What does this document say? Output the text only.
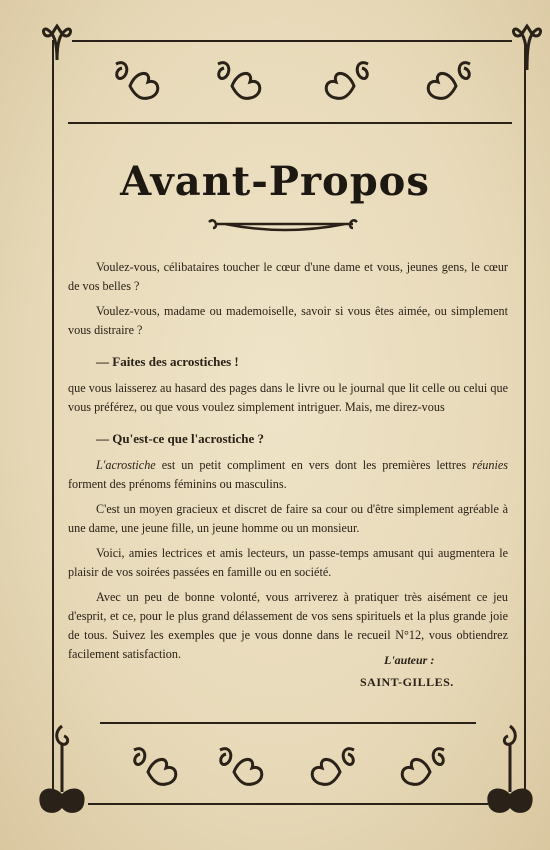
Avant-Propos

Voulez-vous, célibataires toucher le cœur d'une dame et vous, jeunes gens, le cœur de vos belles ?

Voulez-vous, madame ou mademoiselle, savoir si vous êtes aimée, ou simplement vous distraire ?

— Faites des acrostiches !

que vous laisserez au hasard des pages dans le livre ou le journal que lit celle ou celui que vous préférez, ou que vous voulez simplement intriguer. Mais, me direz-vous

— Qu'est-ce que l'acrostiche ?

L'acrostiche est un petit compliment en vers dont les premières lettres réunies forment des prénoms féminins ou masculins.

C'est un moyen gracieux et discret de faire sa cour ou d'être simplement agréable à une dame, une jeune fille, un jeune homme ou un monsieur.

Voici, amies lectrices et amis lecteurs, un passe-temps amusant qui augmentera le plaisir de vos soirées passées en famille ou en société.

Avec un peu de bonne volonté, vous arriverez à pratiquer très aisément ce jeu d'esprit, et ce, pour le plus grand délassement de vos sens spirituels et la plus grande joie de tous. Suivez les exemples que je vous donne dans le recueil N°12, vous obtiendrez facilement satisfaction.	L'auteur :
SAINT-GILLES.
